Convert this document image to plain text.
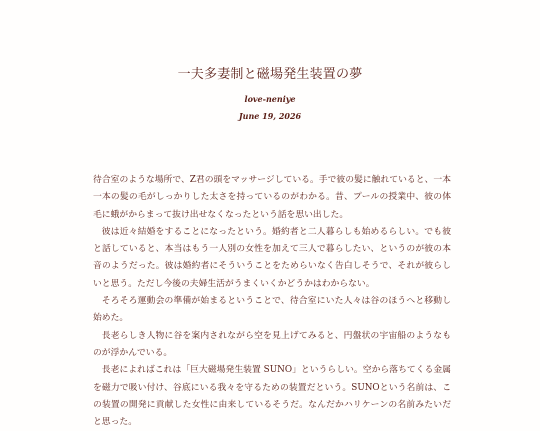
一夫多妻制と磁場発生装置の夢
love-neniye
June 19, 2026

待合室のような場所で、Z君の頭をマッサージしている。手で彼の髪に触れていると、一本一本の髪の毛がしっかりした太さを持っているのがわかる。昔、プールの授業中、彼の体毛に蛾がからまって抜け出せなくなったという話を思い出した。

彼は近々結婚をすることになったという。婚約者と二人暮らしも始めるらしい。でも彼と話していると、本当はもう一人別の女性を加えて三人で暮らしたい、というのが彼の本音のようだった。彼は婚約者にそういうことをためらいなく告白しそうで、それが彼らしいと思う。ただし今後の夫婦生活がうまくいくかどうかはわからない。

そろそろ運動会の準備が始まるということで、待合室にいた人々は谷のほうへと移動し始めた。

長老らしき人物に谷を案内されながら空を見上げてみると、円盤状の宇宙船のようなものが浮かんでいる。

長老によればこれは「巨大磁場発生装置 SUNO」というらしい。空から落ちてくる金属を磁力で吸い付け、谷底にいる我々を守るための装置だという。SUNOという名前は、この装置の開発に貢献した女性に由来しているそうだ。なんだかハリケーンの名前みたいだと思った。
